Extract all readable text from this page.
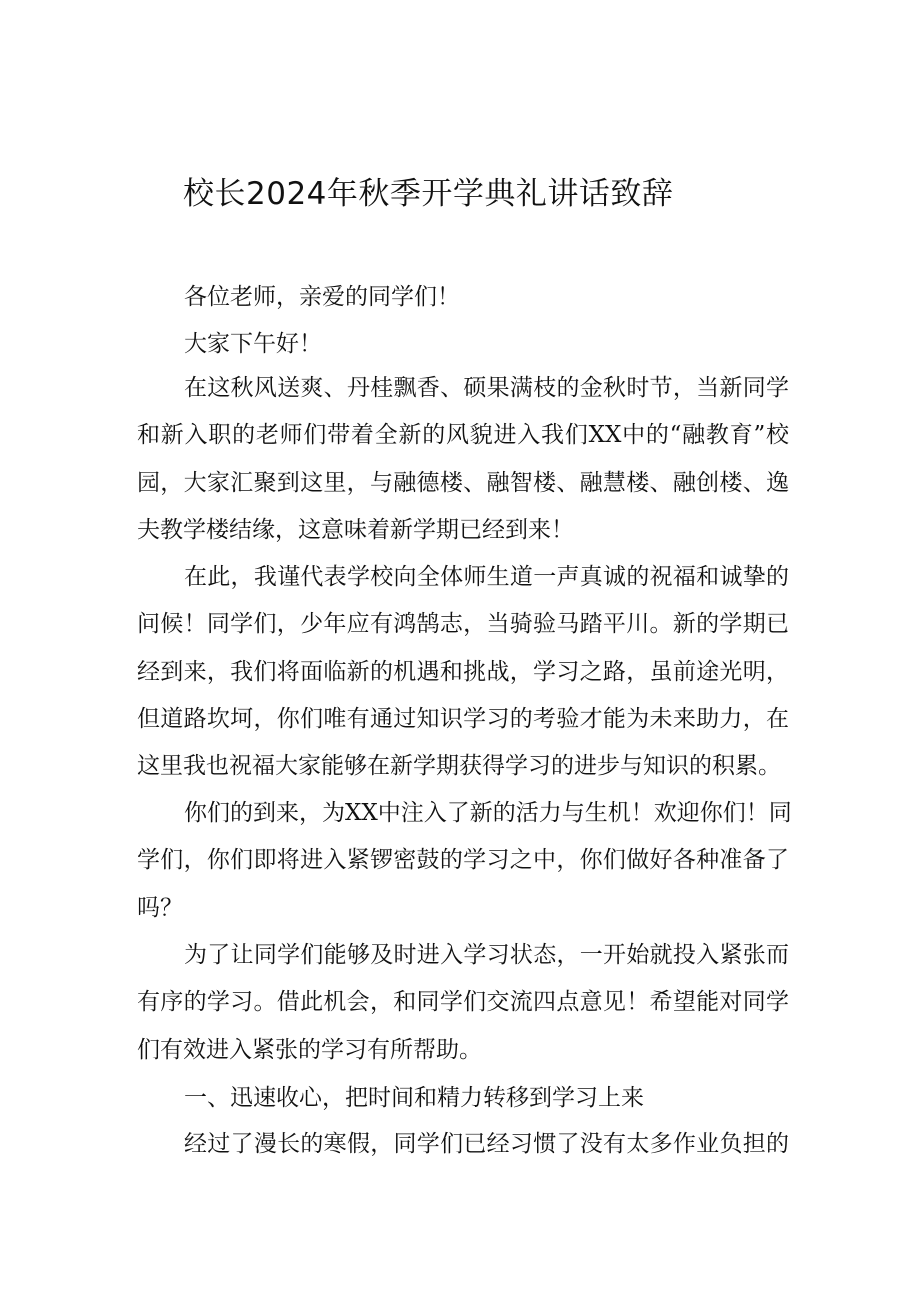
校长2024年秋季开学典礼讲话致辞

各位老师，亲爱的同学们！

大家下午好！

在这秋风送爽、丹桂飘香、硕果满枝的金秋时节，当新同学
和新入职的老师们带着全新的风貌进入我们XX中的“融教育”校
园，大家汇聚到这里，与融德楼、融智楼、融慧楼、融创楼、逸
夫教学楼结缘，这意味着新学期已经到来！
在此，我谨代表学校向全体师生道一声真诚的祝福和诚挚的
问候！同学们，少年应有鸿鹄志，当骑验马踏平川。新的学期已
经到来，我们将面临新的机遇和挑战，学习之路，虽前途光明，
但道路坎坷，你们唯有通过知识学习的考验才能为未来助力，在
这里我也祝福大家能够在新学期获得学习的进步与知识的积累。
你们的到来，为XX中注入了新的活力与生机！欢迎你们！同
学们，你们即将进入紧锣密鼓的学习之中，你们做好各种准备了
吗？
为了让同学们能够及时进入学习状态，一开始就投入紧张而
有序的学习。借此机会，和同学们交流四点意见！希望能对同学
们有效进入紧张的学习有所帮助。

一、迅速收心，把时间和精力转移到学习上来

经过了漫长的寒假，同学们已经习惯了没有太多作业负担的
